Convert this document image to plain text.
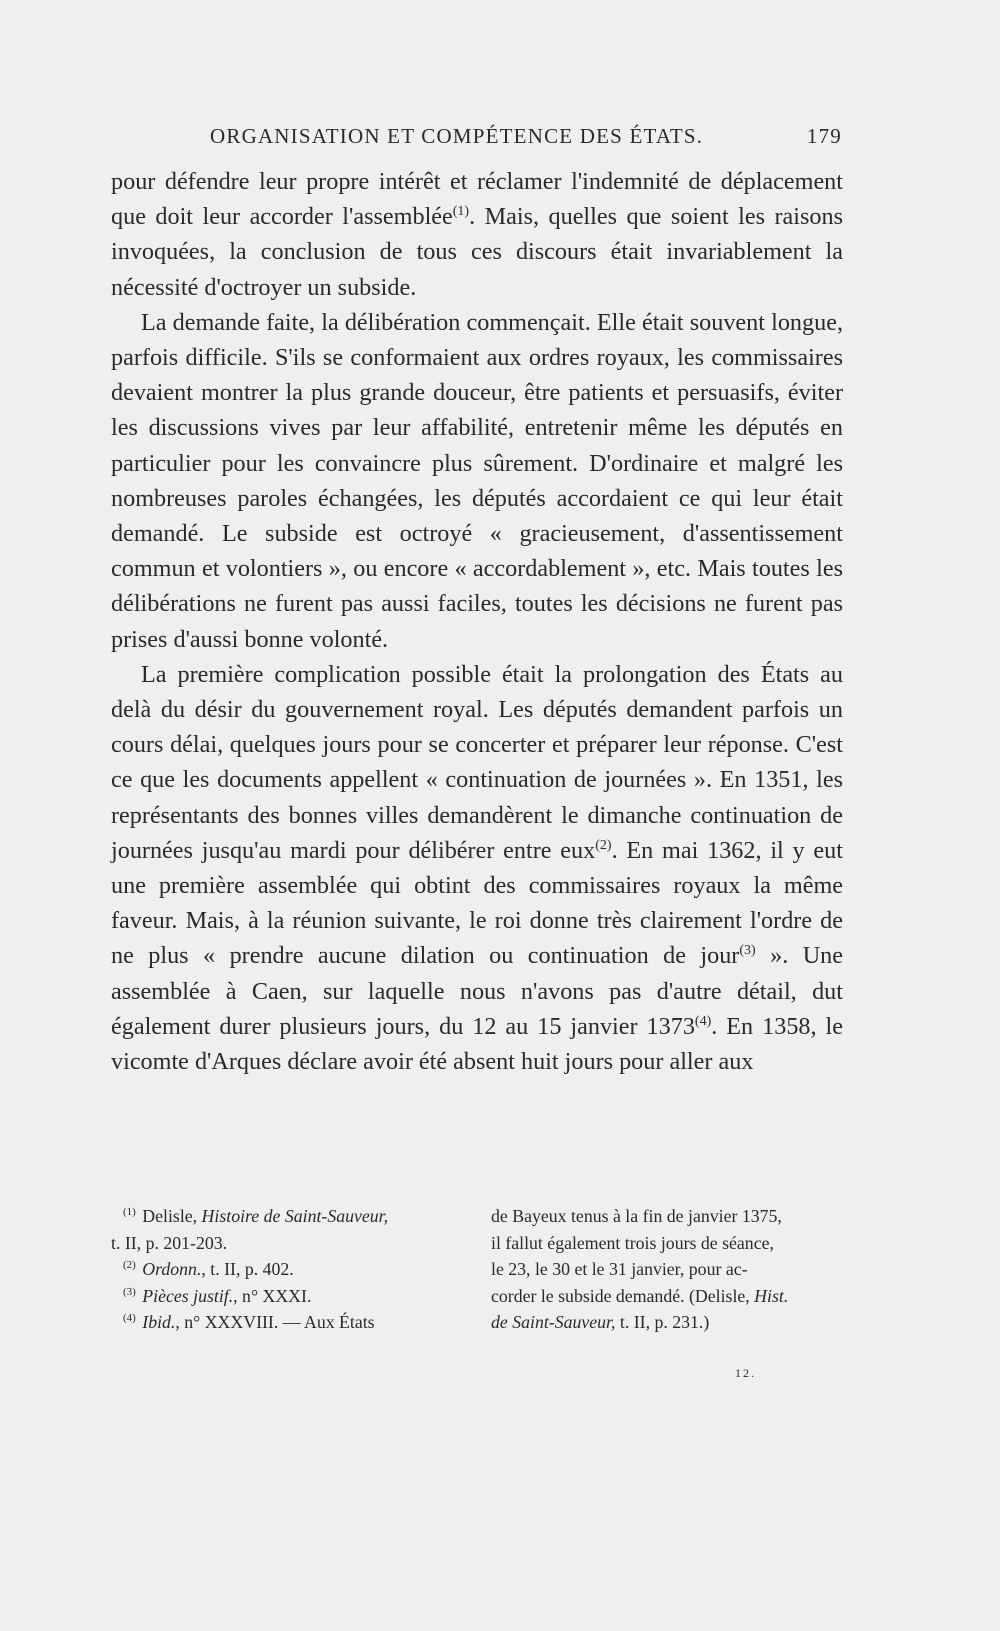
ORGANISATION ET COMPÉTENCE DES ÉTATS.	179

pour défendre leur propre intérêt et réclamer l'indemnité de déplacement que doit leur accorder l'assemblée$^{(1)}$. Mais, quelles que soient les raisons invoquées, la conclusion de tous ces discours était invariablement la nécessité d'octroyer un subside.

La demande faite, la délibération commençait. Elle était souvent longue, parfois difficile. S'ils se conformaient aux ordres royaux, les commissaires devaient montrer la plus grande douceur, être patients et persuasifs, éviter les discussions vives par leur affabilité, entretenir même les députés en particulier pour les convaincre plus sûrement. D'ordinaire et malgré les nombreuses paroles échangées, les députés accordaient ce qui leur était demandé. Le subside est octroyé « gracieusement, d'assentissement commun et volontiers », ou encore « accordablement », etc. Mais toutes les délibérations ne furent pas aussi faciles, toutes les décisions ne furent pas prises d'aussi bonne volonté.

La première complication possible était la prolongation des États au delà du désir du gouvernement royal. Les députés demandent parfois un cours délai, quelques jours pour se concerter et préparer leur réponse. C'est ce que les documents appellent « continuation de journées ». En 1351, les représentants des bonnes villes demandèrent le dimanche continuation de journées jusqu'au mardi pour délibérer entre eux$^{(2)}$. En mai 1362, il y eut une première assemblée qui obtint des commissaires royaux la même faveur. Mais, à la réunion suivante, le roi donne très clairement l'ordre de ne plus « prendre aucune dilation ou continuation de jour$^{(3)}$ ». Une assemblée à Caen, sur laquelle nous n'avons pas d'autre détail, dut également durer plusieurs jours, du 12 au 15 janvier 1373$^{(4)}$. En 1358, le vicomte d'Arques déclare avoir été absent huit jours pour aller aux

$^{(1)}$ Delisle, Histoire de Saint-Sauveur,
t. II, p. 201-203.
$^{(2)}$ Ordonn., t. II, p. 402.
$^{(3)}$ Pièces justif., n° XXXI.
$^{(4)}$ Ibid., n° XXXVIII. — Aux États
de Bayeux tenus à la fin de janvier 1375,
il fallut également trois jours de séance,
le 23, le 30 et le 31 janvier, pour ac-
corder le subside demandé. (Delisle, Hist.
de Saint-Sauveur, t. II, p. 231.)
12.
